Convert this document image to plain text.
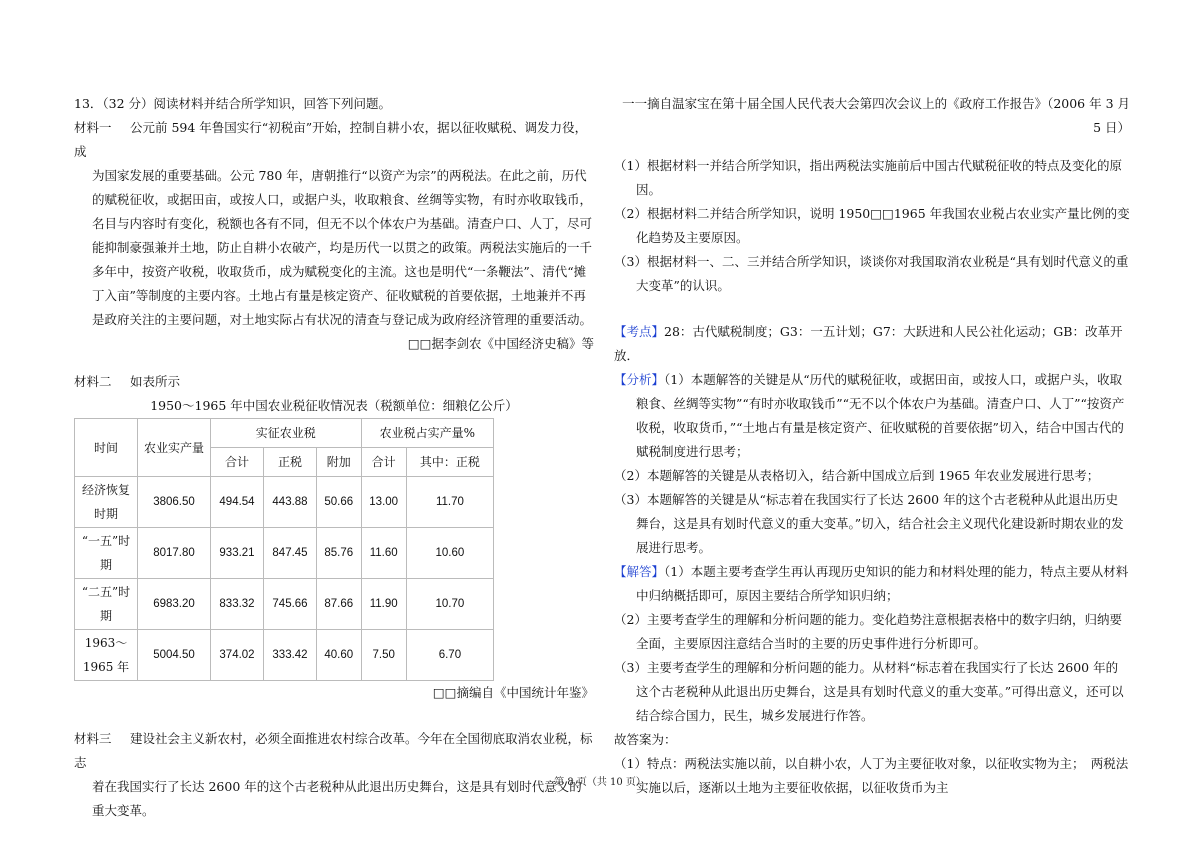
13．（32 分）阅读材料并结合所学知识，回答下列问题。

材料一 公元前 594 年鲁国实行“初税亩”开始，控制自耕小农，据以征收赋税、调发力役，成

为国家发展的重要基础。公元 780 年，唐朝推行“以资产为宗”的两税法。在此之前，历代的赋税征收，或据田亩，或按人口，或据户头，收取粮食、丝绸等实物，有时亦收取钱币，名目与内容时有变化，税额也各有不同，但无不以个体农户为基础。清查户口、人丁，尽可能抑制豪强兼并土地，防止自耕小农破产，均是历代一以贯之的政策。两税法实施后的一千多年中，按资产收税，收取货币，成为赋税变化的主流。这也是明代“一条鞭法”、清代“摊丁入亩”等制度的主要内容。土地占有量是核定资产、征收赋税的首要依据，土地兼并不再是政府关注的主要问题，对土地实际占有状况的清查与登记成为政府经济管理的重要活动。

□□据李剑农《中国经济史稿》等

材料二 如表所示

1950～1965 年中国农业税征收情况表（税额单位：细粮亿公斤）

时间	农业实产量	实征农业税			农业税占实产量%	
		合计	正税	附加	合计	其中：正税
经济恢复时期	3806.50	494.54	443.88	50.66	13.00	11.70
“一五”时期	8017.80	933.21	847.45	85.76	11.60	10.60
“二五”时期	6983.20	833.32	745.66	87.66	11.90	10.70
1963～1965 年	5004.50	374.02	333.42	40.60	7.50	6.70

□□摘编自《中国统计年鉴》

材料三 建设社会主义新农村，必须全面推进农村综合改革。今年在全国彻底取消农业税，标志

着在我国实行了长达 2600 年的这个古老税种从此退出历史舞台，这是具有划时代意义的重大变革。

一一摘自温家宝在第十届全国人民代表大会第四次会议上的《政府工作报告》（2006 年 3 月 5 日）

（1）根据材料一并结合所学知识，指出两税法实施前后中国古代赋税征收的特点及变化的原因。

（2）根据材料二并结合所学知识，说明 1950□□1965 年我国农业税占农业实产量比例的变化趋势及主要原因。

（3）根据材料一、二、三并结合所学知识，谈谈你对我国取消农业税是“具有划时代意义的重大变革”的认识。

【考点】28：古代赋税制度；G3：一五计划；G7：大跃进和人民公社化运动；GB：改革开放．

【分析】（1）本题解答的关键是从“历代的赋税征收，或据田亩，或按人口，或据户头，收取粮食、丝绸等实物”“有时亦收取钱币”“无不以个体农户为基础。清查户口、人丁”“按资产收税，收取货币，”“土地占有量是核定资产、征收赋税的首要依据”切入，结合中国古代的赋税制度进行思考；

（2）本题解答的关键是从表格切入，结合新中国成立后到 1965 年农业发展进行思考；

（3）本题解答的关键是从“标志着在我国实行了长达 2600 年的这个古老税种从此退出历史舞台，这是具有划时代意义的重大变革。”切入，结合社会主义现代化建设新时期农业的发展进行思考。

【解答】（1）本题主要考查学生再认再现历史知识的能力和材料处理的能力，特点主要从材料中归纳概括即可，原因主要结合所学知识归纳；

（2）主要考查学生的理解和分析问题的能力。变化趋势注意根据表格中的数字归纳，归纳要全面，主要原因注意结合当时的主要的历史事件进行分析即可。

（3）主要考查学生的理解和分析问题的能力。从材料“标志着在我国实行了长达 2600 年的这个古老税种从此退出历史舞台，这是具有划时代意义的重大变革。”可得出意义，还可以结合综合国力，民生，城乡发展进行作答。

故答案为：

（1）特点：两税法实施以前，以自耕小农，人丁为主要征收对象，以征收实物为主；　两税法实施以后，逐渐以土地为主要征收依据，以征收货币为主

第 8 页（共 10 页）
